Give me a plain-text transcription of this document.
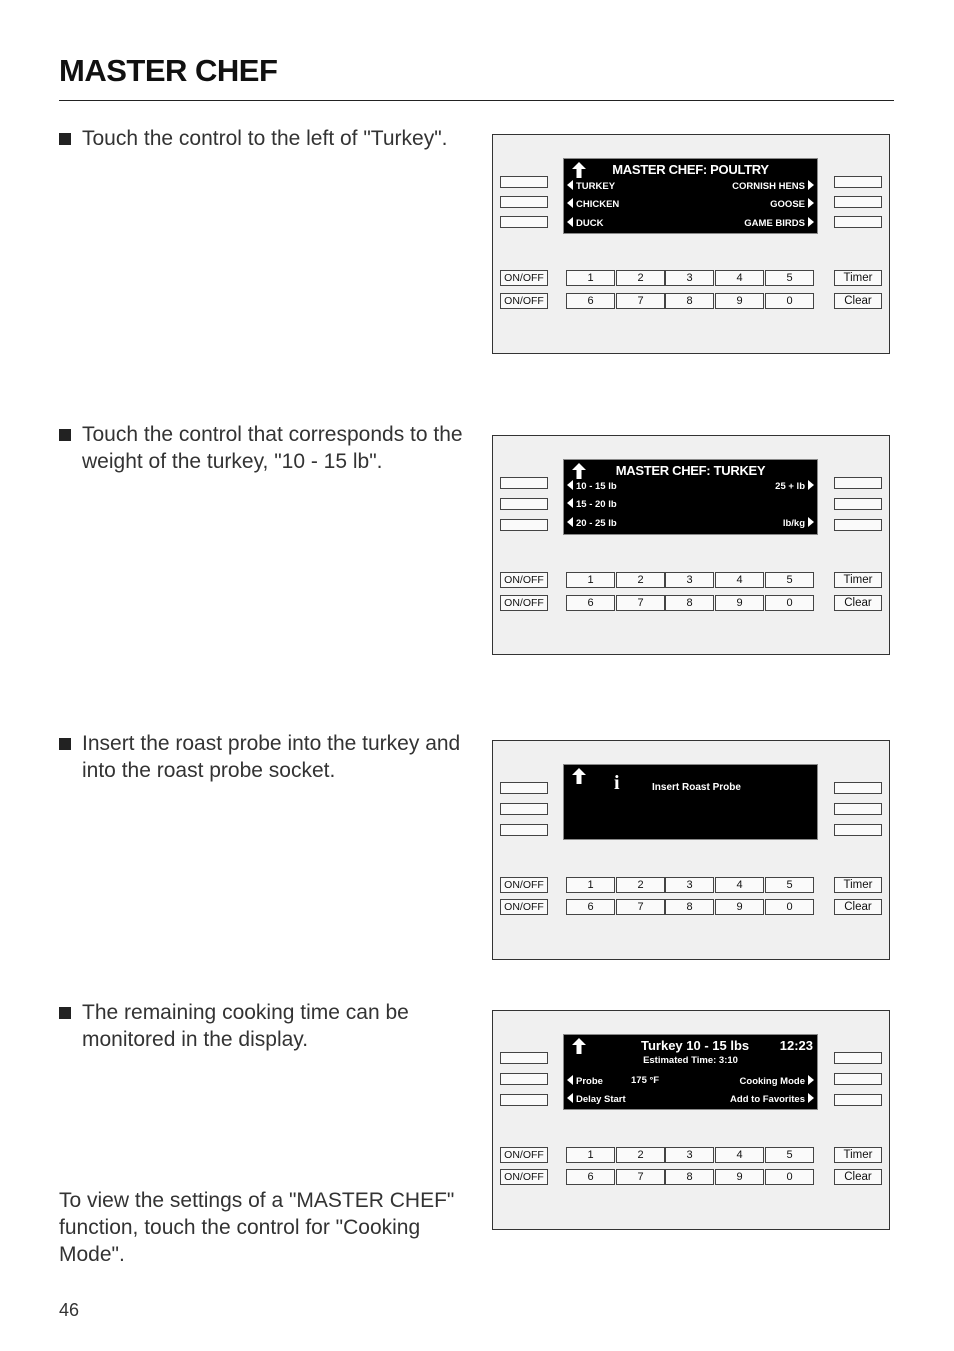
MASTER CHEF
Touch the control to the left of "Turkey".
Touch the control that corresponds to the weight of the turkey, "10 - 15 lb".
Insert the roast probe into the turkey and into the roast probe socket.
The remaining cooking time can be monitored in the display.
To view the settings of a "MASTER CHEF" function, touch the control for "Cooking Mode".
46
MASTER CHEF: POULTRY
TURKEY
CHICKEN
DUCK
CORNISH HENS
GOOSE
GAME BIRDS
ON/OFF
ON/OFF
1	2	3	4	5
6	7	8	9	0
Timer
Clear
MASTER CHEF: TURKEY
10 - 15 lb
15 - 20 lb
20 - 25 lb
25 + lb
lb/kg
ON/OFF
ON/OFF
1	2	3	4	5
6	7	8	9	0
Timer
Clear
i	Insert Roast Probe
ON/OFF
ON/OFF
1	2	3	4	5
6	7	8	9	0
Timer
Clear
Turkey 10 - 15 lbs 12:23
Estimated Time: 3:10
Probe	175 °F
Delay Start
Cooking Mode
Add to Favorites
ON/OFF
ON/OFF
1	2	3	4	5
6	7	8	9	0
Timer
Clear
